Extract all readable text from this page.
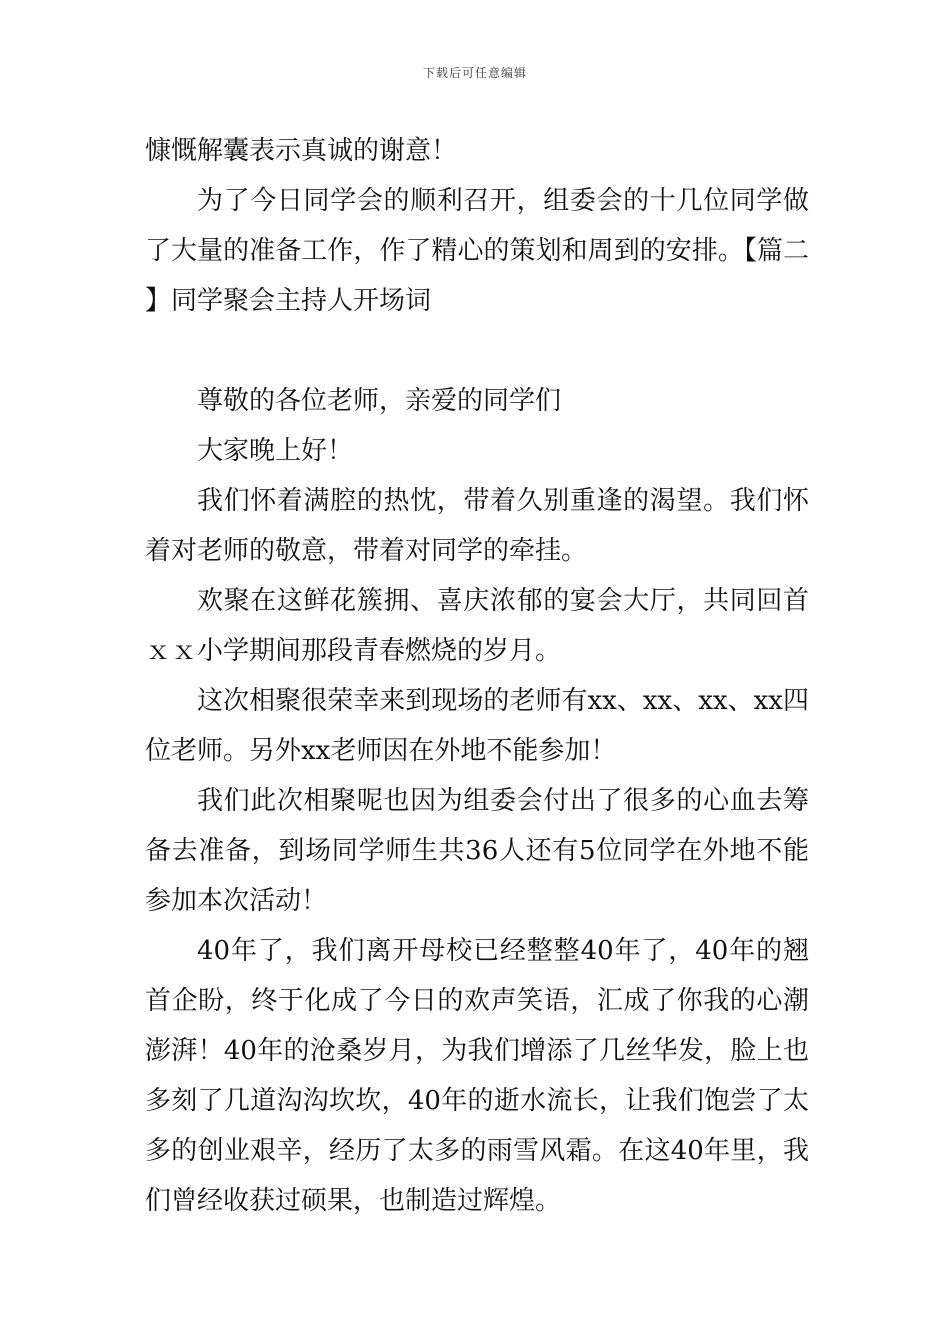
下载后可任意编辑

慷慨解囊表示真诚的谢意！

为了今日同学会的顺利召开，组委会的十几位同学做了大量的准备工作，作了精心的策划和周到的安排。【篇二】同学聚会主持人开场词

尊敬的各位老师，亲爱的同学们

大家晚上好！

我们怀着满腔的热忱，带着久别重逢的渴望。我们怀着对老师的敬意，带着对同学的牵挂。

欢聚在这鲜花簇拥、喜庆浓郁的宴会大厅，共同回首ｘｘ小学期间那段青春燃烧的岁月。

这次相聚很荣幸来到现场的老师有xx、xx、xx、xx四位老师。另外xx老师因在外地不能参加！

我们此次相聚呢也因为组委会付出了很多的心血去筹备去准备，到场同学师生共36人还有5位同学在外地不能参加本次活动！

40年了，我们离开母校已经整整40年了，40年的翘首企盼，终于化成了今日的欢声笑语，汇成了你我的心潮澎湃！40年的沧桑岁月，为我们增添了几丝华发，脸上也多刻了几道沟沟坎坎，40年的逝水流长，让我们饱尝了太多的创业艰辛，经历了太多的雨雪风霜。在这40年里，我们曾经收获过硕果，也制造过辉煌。
